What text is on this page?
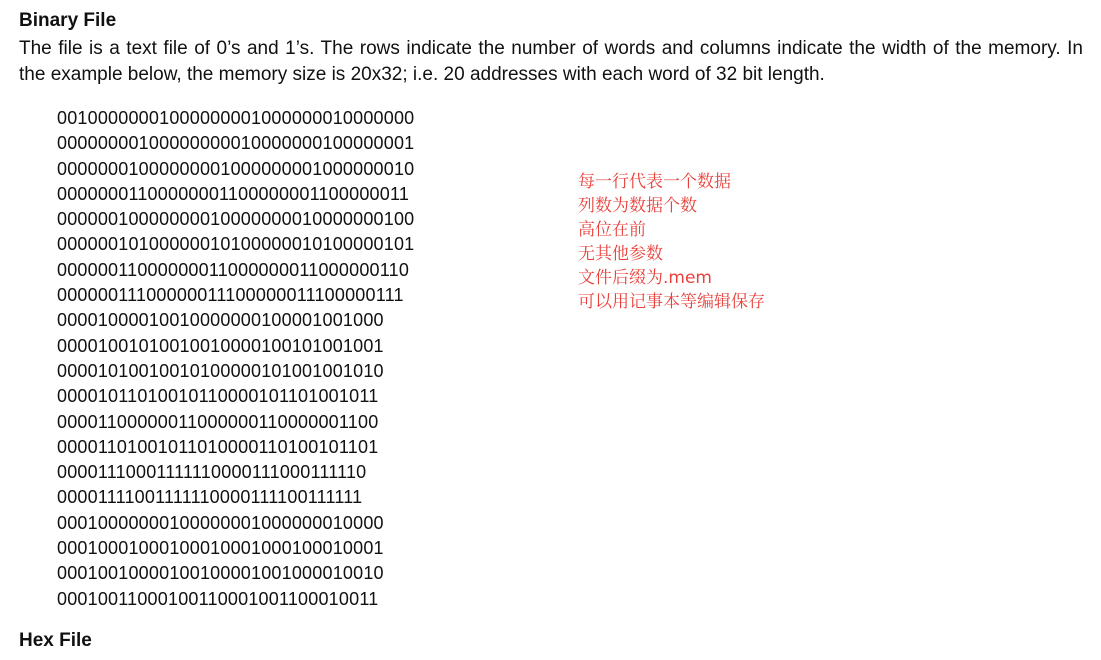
Binary File

The file is a text file of 0’s and 1’s. The rows indicate the number of words and columns indicate the width of the memory. In the example below, the memory size is 20x32; i.e. 20 addresses with each word of 32 bit length.

00100000001000000001000000010000000
00000000100000000010000000100000001
00000001000000001000000001000000010
00000001100000001100000001100000011
00000010000000010000000010000000100
00000010100000010100000010100000101
00000011000000011000000011000000110
00000011100000011100000011100000111
00001000010010000000100001001000
00001001010010010000100101001001
00001010010010100000101001001010
00001011010010110000101101001011
00001100000011000000110000001100
00001101001011010000110100101101
00001110001111110000111000111110
00001111001111110000111100111111
00010000000100000001000000010000
00010001000100010001000100010001
00010010000100100001001000010010
00010011000100110001001100010011
每一行代表一个数据
列数为数据个数
高位在前
无其他参数
文件后缀为.mem
可以用记事本等编辑保存
Hex File
